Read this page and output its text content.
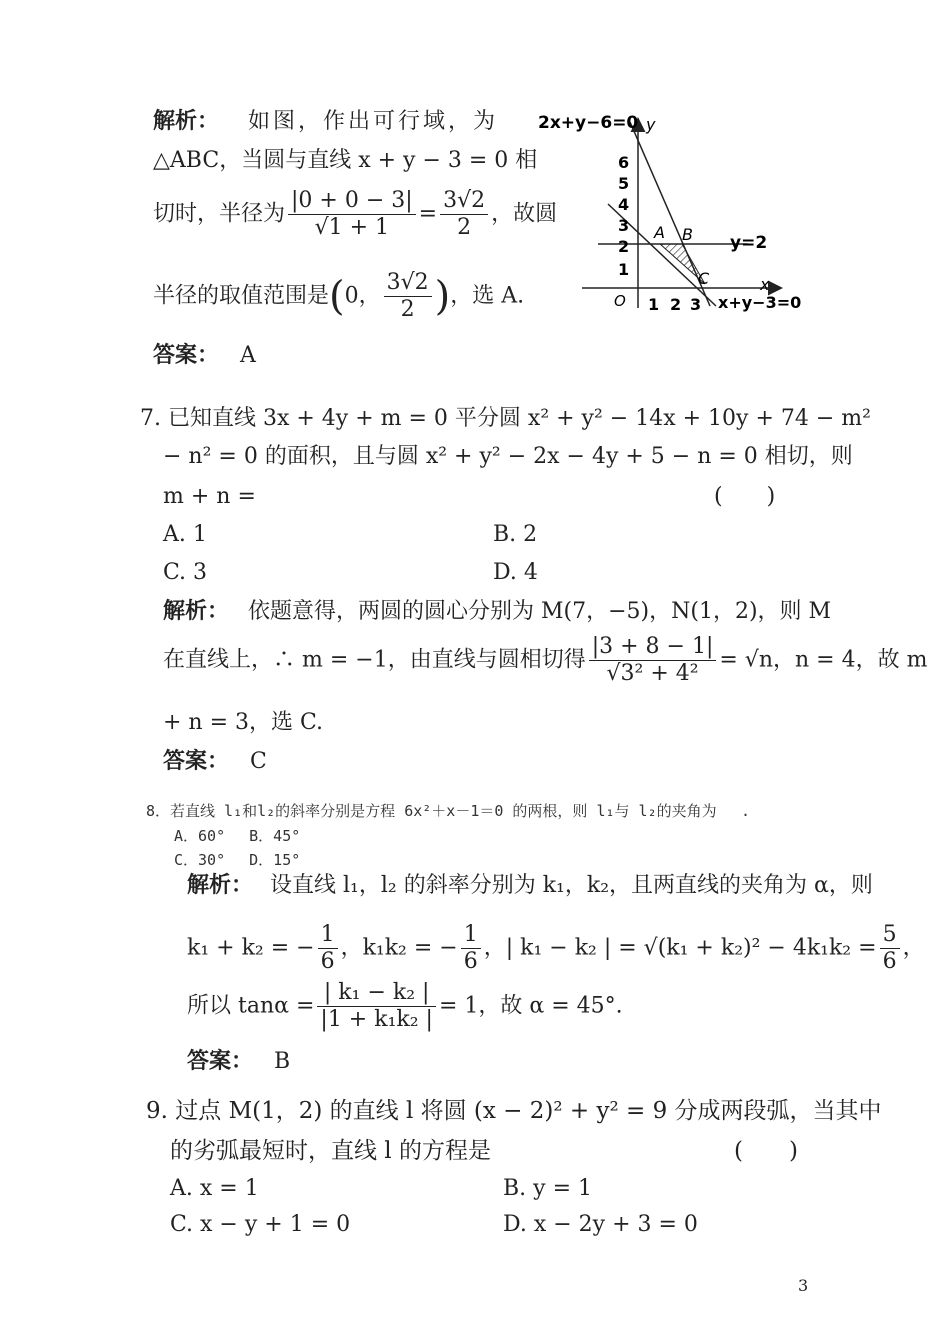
解析： 如图，作出可行域，为
△ABC，当圆与直线 x + y − 3 = 0 相
切时，半径为 $\frac{|0 + 0 - 3|}{√1 + 1} = \frac{3√2}{2}$ ，故圆
半径的取值范围是(0， $\frac{3√2}{2}$ )，选 A.
答案： A
2x+y−6=0 y
x
O
6
5
4
3
2
1
1 2 3
A B
C
y=2
x+y−3=0
7. 已知直线 3x + 4y + m = 0 平分圆 x² + y² − 14x + 10y + 74 − m²
− n² = 0 的面积，且与圆 x² + y² − 2x − 4y + 5 − n = 0 相切，则
m + n =	(　　)
A. 1	B. 2
C. 3	D. 4
解析： 依题意得，两圆的圆心分别为 M(7，−5)，N(1，2)，则 M
在直线上，∴ m = −1，由直线与圆相切得 $\frac{|3 + 8 - 1|}{\text{√3² + 4²}} = √n$，n = 4，故 m
+ n = 3，选 C.
答案： C
8．若直线 l₁和l₂的斜率分别是方程 6x²＋x－1＝0 的两根，则 l₁与 l₂的夹角为 .
A．60°　 B．45°
C．30°　 D．15°
解析： 设直线 l₁，l₂ 的斜率分别为 k₁，k₂，且两直线的夹角为 α，则
k₁ + k₂ = − $\frac{1}{6}$ ，k₁k₂ = − $\frac{1}{6}$ ，| k₁ − k₂ | = $√(k_1 + k_2)^2 - 4k_1k_2 = \frac{5}{6}$ ，
所以 $\tan\alpha = \frac{\text{| k₁ − k₂ |}}{\text{|1 + k₁k₂ |}} = 1$，故 α = 45°.
答案： B
9. 过点 M(1，2) 的直线 l 将圆 (x − 2)² + y² = 9 分成两段弧，当其中
的劣弧最短时，直线 l 的方程是	(　　)
A. x = 1	B. y = 1
C. x − y + 1 = 0	D. x − 2y + 3 = 0
3
